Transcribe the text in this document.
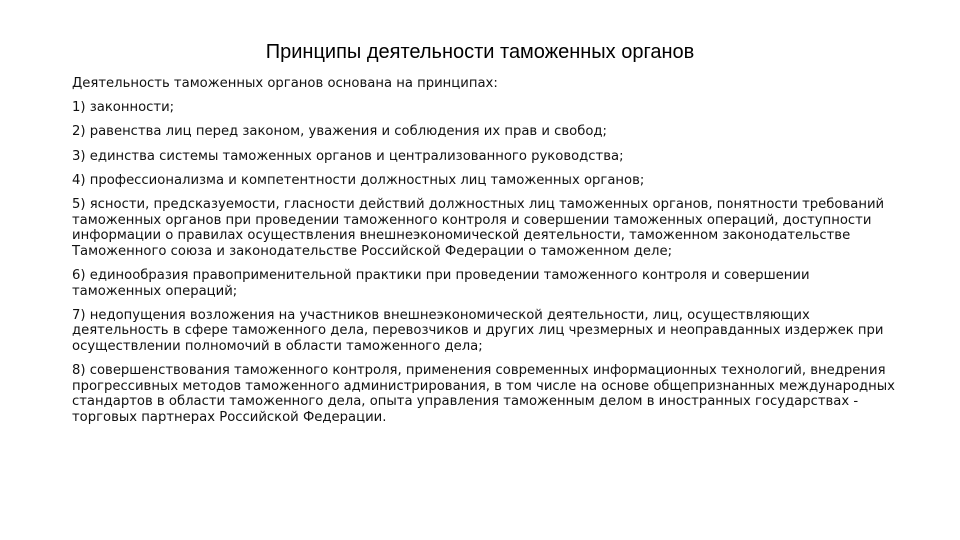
Принципы деятельности таможенных органов

Деятельность таможенных органов основана на принципах:

1) законности;

2) равенства лиц перед законом, уважения и соблюдения их прав и свобод;

3) единства системы таможенных органов и централизованного руководства;

4) профессионализма и компетентности должностных лиц таможенных органов;

5) ясности, предсказуемости, гласности действий должностных лиц таможенных органов, понятности требований таможенных органов при проведении таможенного контроля и совершении таможенных операций, доступности информации о правилах осуществления внешнеэкономической деятельности, таможенном законодательстве Таможенного союза и законодательстве Российской Федерации о таможенном деле;

6) единообразия правоприменительной практики при проведении таможенного контроля и совершении таможенных операций;

7) недопущения возложения на участников внешнеэкономической деятельности, лиц, осуществляющих деятельность в сфере таможенного дела, перевозчиков и других лиц чрезмерных и неоправданных издержек при осуществлении полномочий в области таможенного дела;

8) совершенствования таможенного контроля, применения современных информационных технологий, внедрения прогрессивных методов таможенного администрирования, в том числе на основе общепризнанных международных стандартов в области таможенного дела, опыта управления таможенным делом в иностранных государствах - торговых партнерах Российской Федерации.
